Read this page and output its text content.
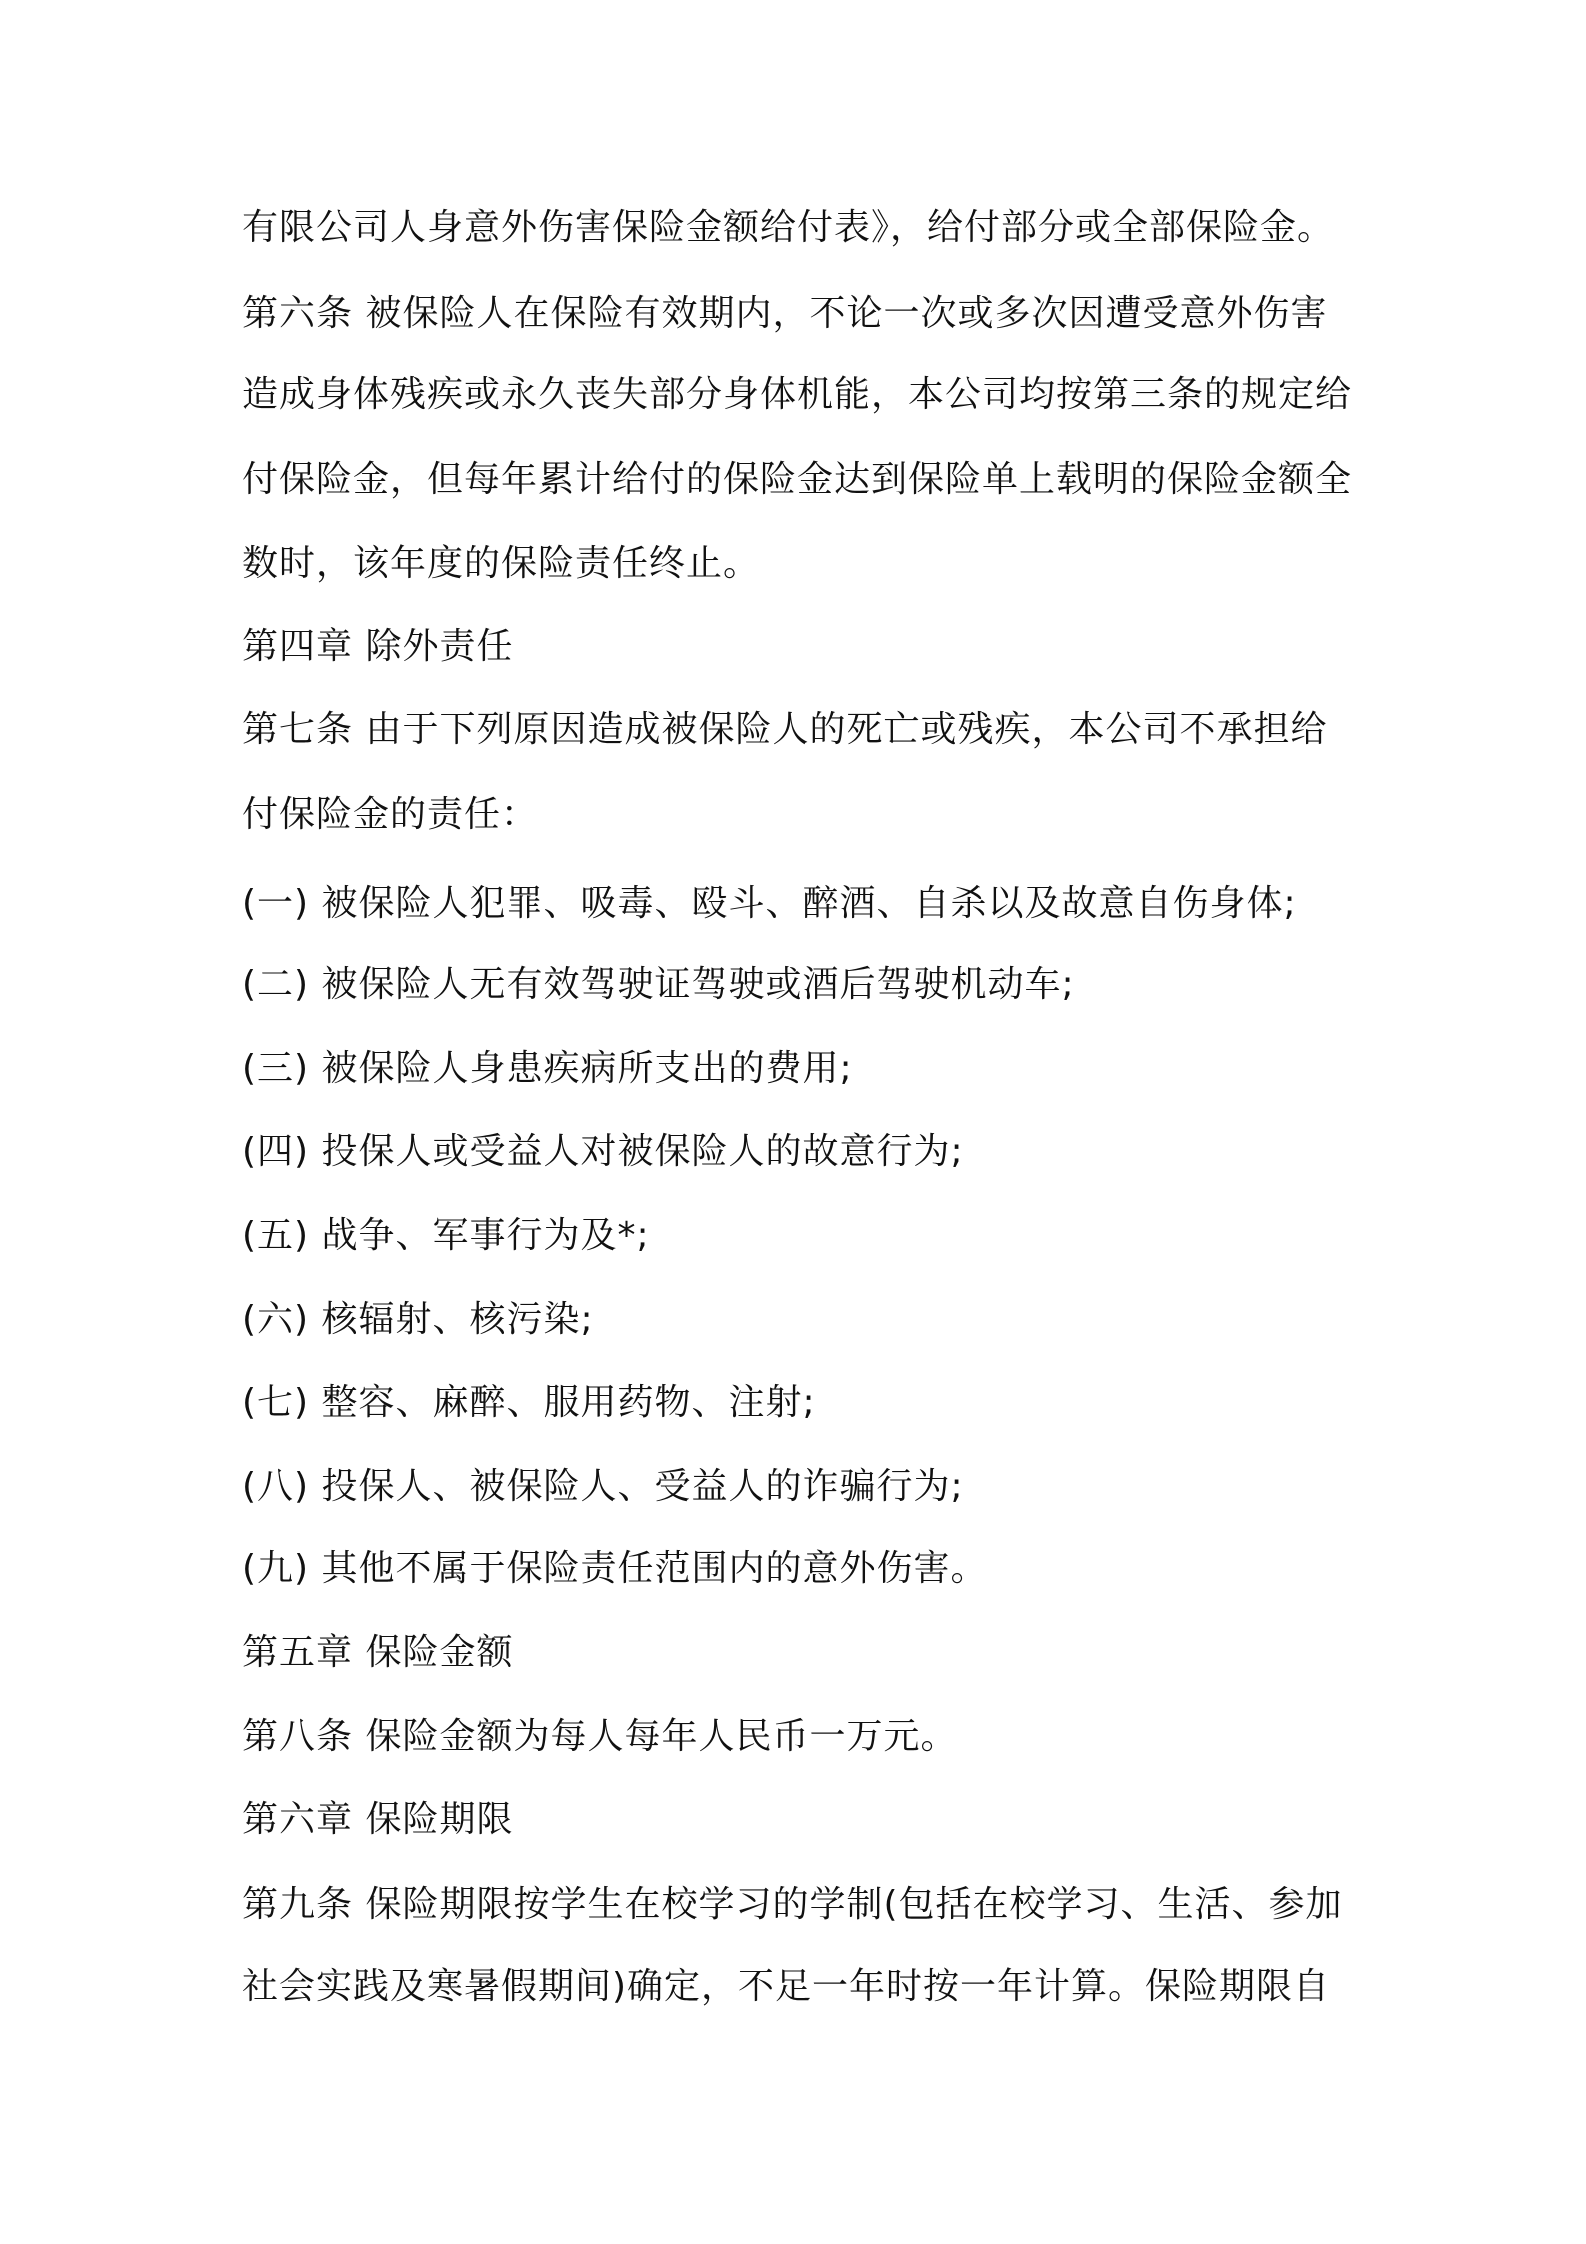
有限公司人身意外伤害保险金额给付表》，给付部分或全部保险金。
第六条 被保险人在保险有效期内，不论一次或多次因遭受意外伤害
造成身体残疾或永久丧失部分身体机能，本公司均按第三条的规定给
付保险金，但每年累计给付的保险金达到保险单上载明的保险金额全
数时，该年度的保险责任终止。
第四章 除外责任
第七条 由于下列原因造成被保险人的死亡或残疾，本公司不承担给
付保险金的责任：
(一) 被保险人犯罪、吸毒、殴斗、醉酒、自杀以及故意自伤身体;
(二) 被保险人无有效驾驶证驾驶或酒后驾驶机动车;
(三) 被保险人身患疾病所支出的费用;
(四) 投保人或受益人对被保险人的故意行为;
(五) 战争、军事行为及*;
(六) 核辐射、核污染;
(七) 整容、麻醉、服用药物、注射;
(八) 投保人、被保险人、受益人的诈骗行为;
(九) 其他不属于保险责任范围内的意外伤害。
第五章 保险金额
第八条 保险金额为每人每年人民币一万元。
第六章 保险期限
第九条 保险期限按学生在校学习的学制(包括在校学习、生活、参加
社会实践及寒暑假期间)确定，不足一年时按一年计算。保险期限自
